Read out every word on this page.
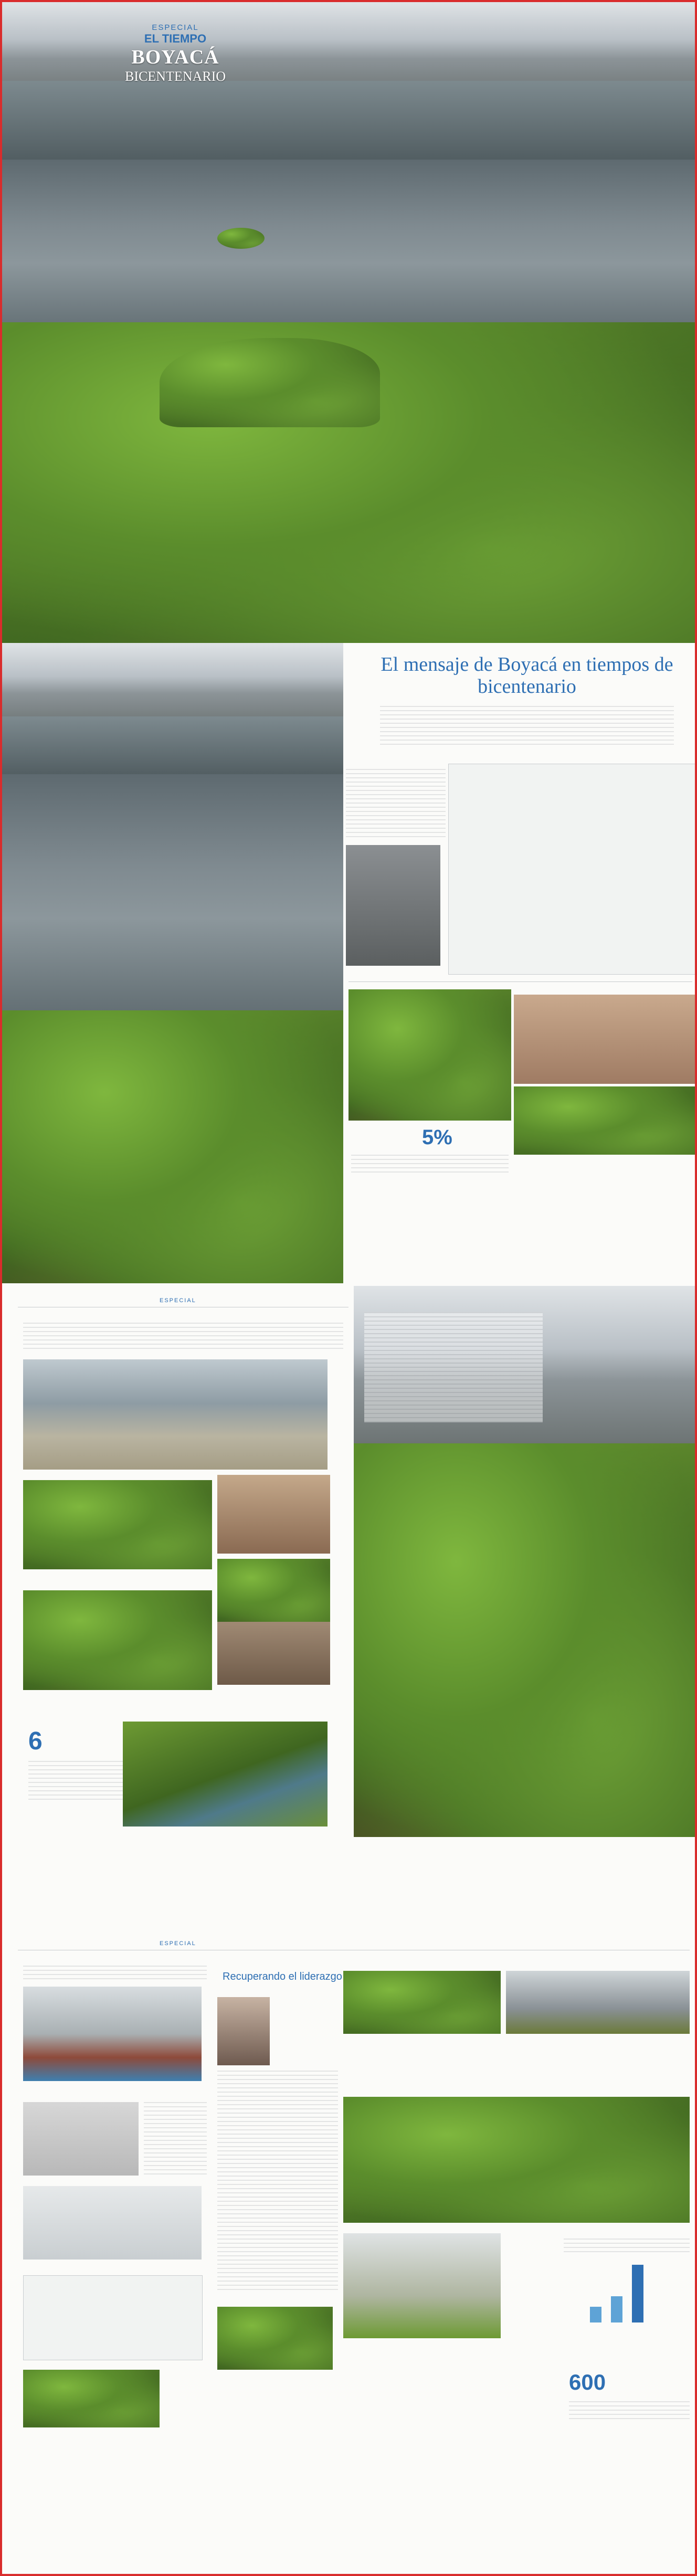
ESPECIAL
EL TIEMPO
BOYACÁ
BICENTENARIO
El mensaje de Boyacá en tiempos de bicentenario
5%
ESPECIAL
6
ESPECIAL
Recuperando el liderazgo
600
